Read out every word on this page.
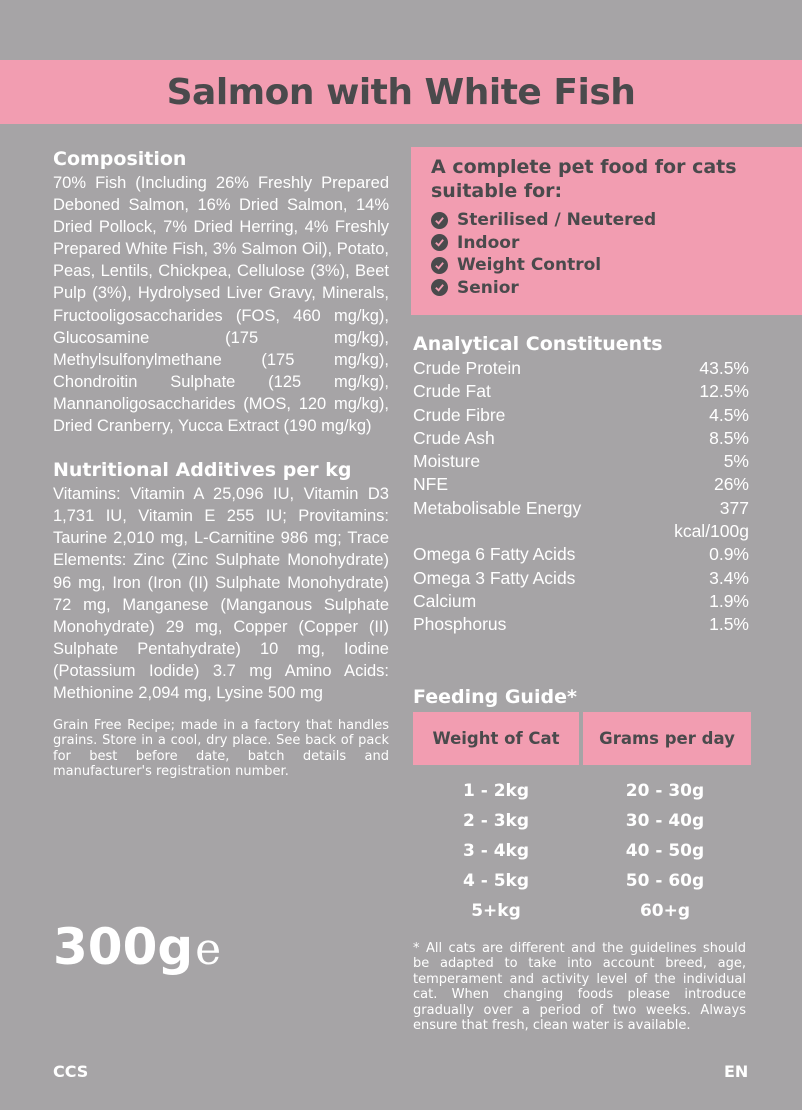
Salmon with White Fish
Composition

70% Fish (Including 26% Freshly Prepared Deboned Salmon, 16% Dried Salmon, 14% Dried Pollock, 7% Dried Herring, 4% Freshly Prepared White Fish, 3% Salmon Oil), Potato, Peas, Lentils, Chickpea, Cellulose (3%), Beet Pulp (3%), Hydrolysed Liver Gravy, Minerals, Fructooligosaccharides (FOS, 460 mg/kg), Glucosamine (175 mg/kg), Methylsulfonylmethane (175 mg/kg), Chondroitin Sulphate (125 mg/kg), Mannanoligosaccharides (MOS, 120 mg/kg), Dried Cranberry, Yucca Extract (190 mg/kg)

Nutritional Additives per kg

Vitamins: Vitamin A 25,096 IU, Vitamin D3 1,731 IU, Vitamin E 255 IU; Provitamins: Taurine 2,010 mg, L-Carnitine 986 mg; Trace Elements: Zinc (Zinc Sulphate Monohydrate) 96 mg, Iron (Iron (II) Sulphate Monohydrate) 72 mg, Manganese (Manganous Sulphate Monohydrate) 29 mg, Copper (Copper (II) Sulphate Pentahydrate) 10 mg, Iodine (Potassium Iodide) 3.7 mg Amino Acids: Methionine 2,094 mg, Lysine 500 mg

Grain Free Recipe; made in a factory that handles grains. Store in a cool, dry place. See back of pack for best before date, batch details and manufacturer's registration number.

300g e
CCS	EN
A complete pet food for cats suitable for:
Sterilised / Neutered
Indoor
Weight Control
Senior
Analytical Constituents
Crude Protein	43.5%
Crude Fat	12.5%
Crude Fibre	4.5%
Crude Ash	8.5%
Moisture	5%
NFE	26%
Metabolisable Energy	377
kcal/100g
Omega 6 Fatty Acids	0.9%
Omega 3 Fatty Acids	3.4%
Calcium	1.9%
Phosphorus	1.5%
Feeding Guide*
Weight of Cat	Grams per day
1 - 2kg	20 - 30g
2 - 3kg	30 - 40g
3 - 4kg	40 - 50g
4 - 5kg	50 - 60g
5+kg	60+g

* All cats are different and the guidelines should be adapted to take into account breed, age, temperament and activity level of the individual cat. When changing foods please introduce gradually over a period of two weeks. Always ensure that fresh, clean water is available.
